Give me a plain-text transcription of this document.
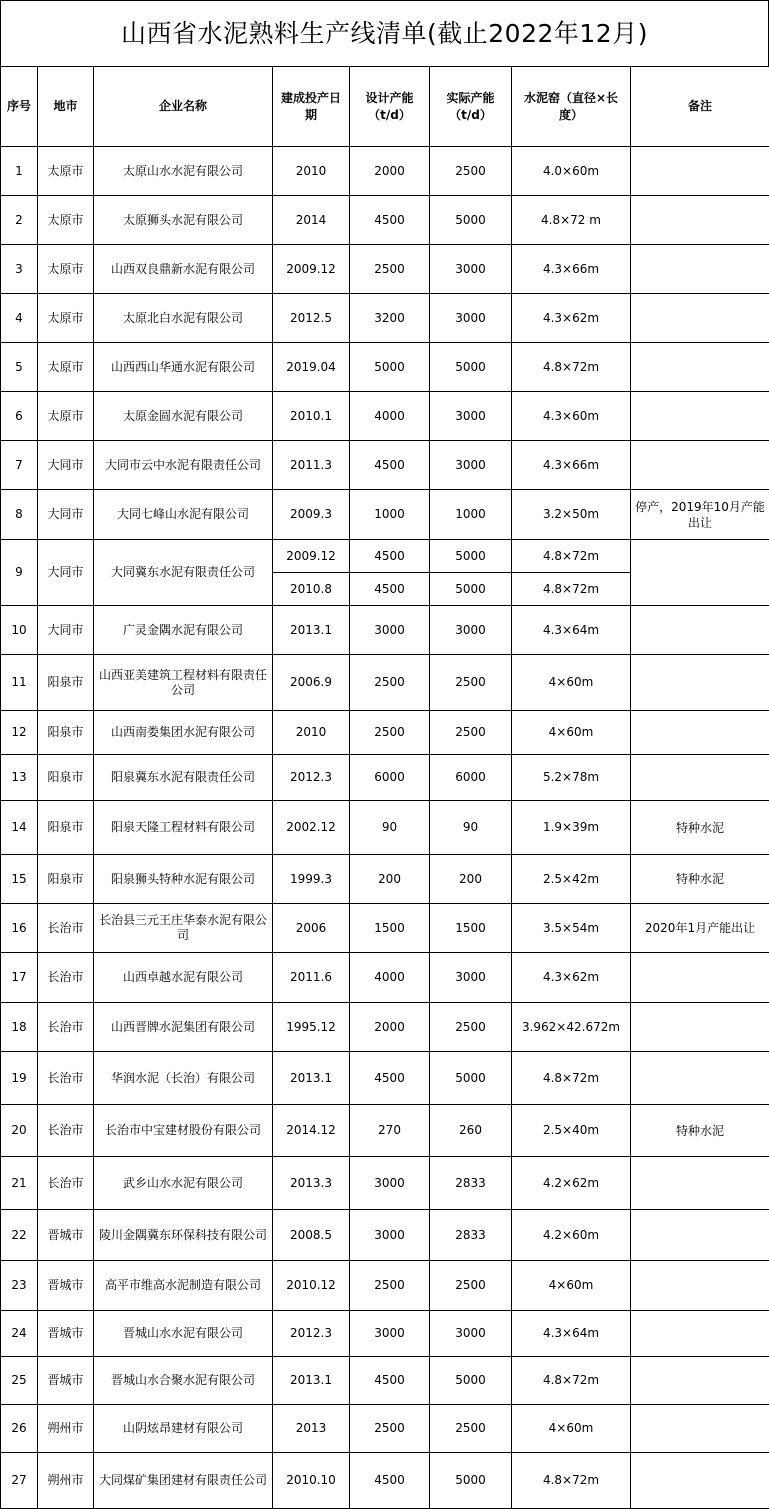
山西省水泥熟料生产线清单(截止2022年12月)
序号	地市	企业名称	建成投产日期	设计产能（t/d）	实际产能（t/d）	水泥窑（直径×长度）	备注
1	太原市	太原山水水泥有限公司	2010	2000	2500	4.0×60m	
2	太原市	太原狮头水泥有限公司	2014	4500	5000	4.8×72 m	
3	太原市	山西双良鼎新水泥有限公司	2009.12	2500	3000	4.3×66m	
4	太原市	太原北白水泥有限公司	2012.5	3200	3000	4.3×62m	
5	太原市	山西西山华通水泥有限公司	2019.04	5000	5000	4.8×72m	
6	太原市	太原金圆水泥有限公司	2010.1	4000	3000	4.3×60m	
7	大同市	大同市云中水泥有限责任公司	2011.3	4500	3000	4.3×66m	
8	大同市	大同七峰山水泥有限公司	2009.3	1000	1000	3.2×50m	停产，2019年10月产能出让
9	大同市	大同冀东水泥有限责任公司	2009.12	4500	5000	4.8×72m	
			2010.8	4500	5000	4.8×72m	
10	大同市	广灵金隅水泥有限公司	2013.1	3000	3000	4.3×64m	
11	阳泉市	山西亚美建筑工程材料有限责任公司	2006.9	2500	2500	4×60m	
12	阳泉市	山西南娄集团水泥有限公司	2010	2500	2500	4×60m	
13	阳泉市	阳泉冀东水泥有限责任公司	2012.3	6000	6000	5.2×78m	
14	阳泉市	阳泉天隆工程材料有限公司	2002.12	90	90	1.9×39m	特种水泥
15	阳泉市	阳泉狮头特种水泥有限公司	1999.3	200	200	2.5×42m	特种水泥
16	长治市	长治县三元王庄华泰水泥有限公司	2006	1500	1500	3.5×54m	2020年1月产能出让
17	长治市	山西卓越水泥有限公司	2011.6	4000	3000	4.3×62m	
18	长治市	山西晋牌水泥集团有限公司	1995.12	2000	2500	3.962×42.672m	
19	长治市	华润水泥（长治）有限公司	2013.1	4500	5000	4.8×72m	
20	长治市	长治市中宝建材股份有限公司	2014.12	270	260	2.5×40m	特种水泥
21	长治市	武乡山水水泥有限公司	2013.3	3000	2833	4.2×62m	
22	晋城市	陵川金隅冀东环保科技有限公司	2008.5	3000	2833	4.2×60m	
23	晋城市	高平市维高水泥制造有限公司	2010.12	2500	2500	4×60m	
24	晋城市	晋城山水水泥有限公司	2012.3	3000	3000	4.3×64m	
25	晋城市	晋城山水合聚水泥有限公司	2013.1	4500	5000	4.8×72m	
26	朔州市	山阴炫昂建材有限公司	2013	2500	2500	4×60m	
27	朔州市	大同煤矿集团建材有限责任公司	2010.10	4500	5000	4.8×72m	
